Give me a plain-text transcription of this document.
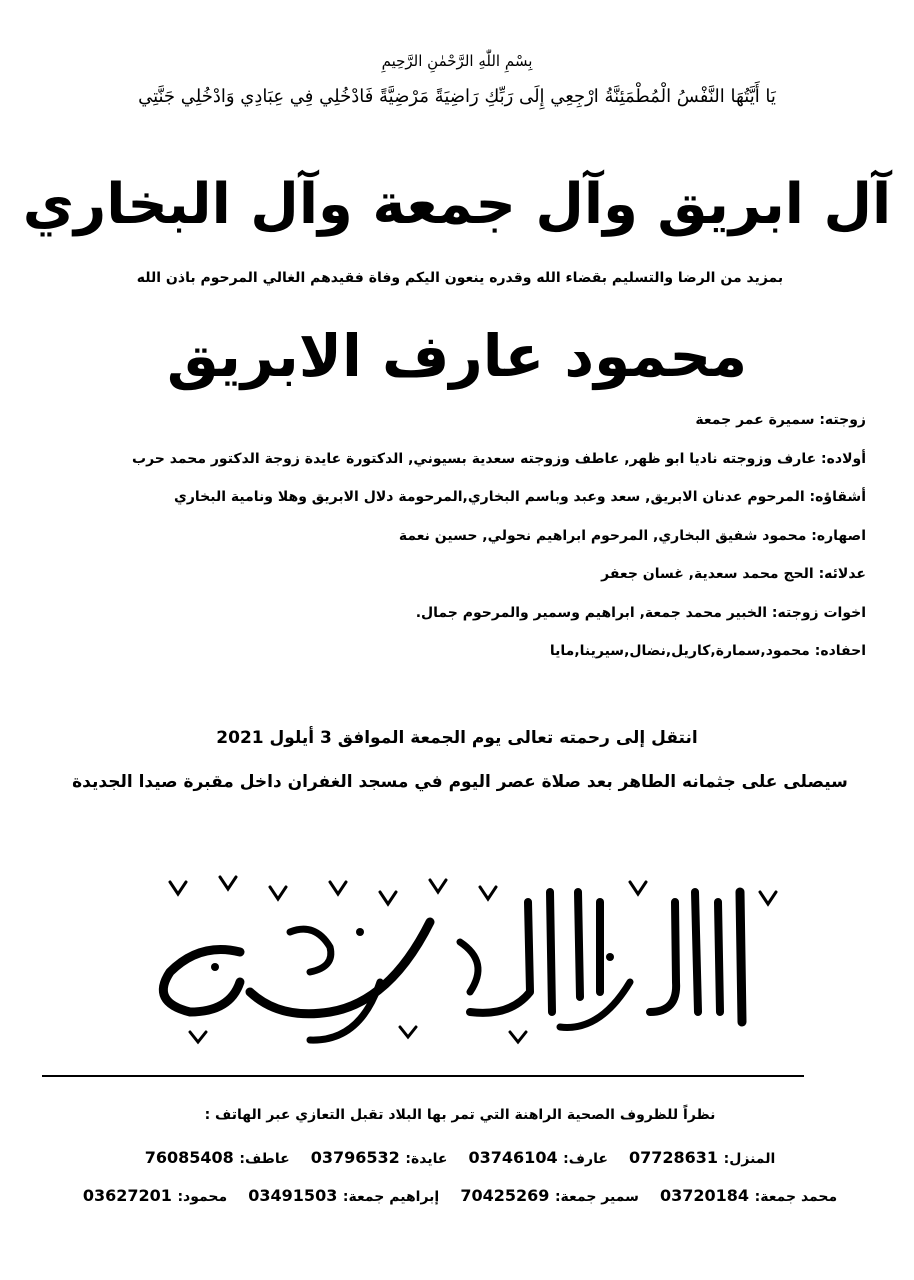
بِسْمِ اللّٰهِ الرَّحْمٰنِ الرَّحِيمِ
يَا أَيَّتُهَا النَّفْسُ الْمُطْمَئِنَّةُ ارْجِعِي إِلَى رَبِّكِ رَاضِيَةً مَرْضِيَّةً فَادْخُلِي فِي عِبَادِي وَادْخُلِي جَنَّتِي
آل ابريق وآل جمعة وآل البخاري
بمزيد من الرضا والتسليم بقضاء الله وقدره ينعون اليكم وفاة فقيدهم الغالي المرحوم باذن الله
محمود عارف الابريق
زوجته: سميرة عمر جمعة
أولاده: عارف وزوجته ناديا ابو ظهر, عاطف وزوجته سعدية بسيوني, الدكتورة عايدة زوجة الدكتور محمد حرب
أشقاؤه: المرحوم عدنان الابريق, سعد وعبد وباسم البخاري,المرحومة دلال الابريق وهلا ونامية البخاري
اصهاره: محمود شفيق البخاري, المرحوم ابراهيم نحولي, حسين نعمة
عدلائه: الحج محمد سعدية, غسان جعفر
اخوات زوجته: الخبير محمد جمعة, ابراهيم وسمير والمرحوم جمال.
احفاده: محمود,سمارة,كاريل,نضال,سيرينا,مايا
انتقل إلى رحمته تعالى يوم الجمعة الموافق 3 أيلول 2021
سيصلى على جثمانه الطاهر بعد صلاة عصر اليوم في مسجد الغفران داخل مقبرة صيدا الجديدة
نظراً للظروف الصحية الراهنة التي تمر بها البلاد تقبل التعازي عبر الهاتف :
المنزل: 07728631 عارف: 03746104 عايدة: 03796532 عاطف: 76085408
محمد جمعة: 03720184 سمير جمعة: 70425269 إبراهيم جمعة: 03491503 محمود: 03627201
